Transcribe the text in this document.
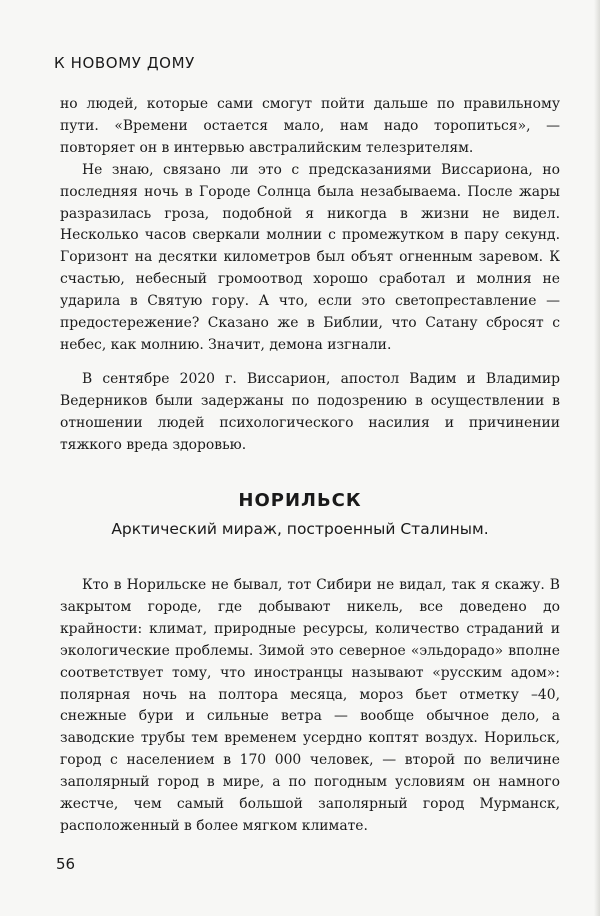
К НОВОМУ ДОМУ

но людей, которые сами смогут пойти дальше по правильному пути. «Времени остается мало, нам надо торопиться», — повторяет он в интервью австралийским телезрителям.

Не знаю, связано ли это с предсказаниями Виссариона, но последняя ночь в Городе Солнца была незабываема. После жары разразилась гроза, подобной я никогда в жизни не видел. Несколько часов сверкали молнии с промежутком в пару секунд. Горизонт на десятки километров был объят огненным заревом. К счастью, небесный громоотвод хорошо сработал и молния не ударила в Святую гору. А что, если это светопреставление — предостережение? Сказано же в Библии, что Сатану сбросят с небес, как молнию. Значит, демона изгнали.

В сентябре 2020 г. Виссарион, апостол Вадим и Владимир Ведерников были задержаны по подозрению в осуществлении в отношении людей психологического насилия и причинении тяжкого вреда здоровью.

НОРИЛЬСК
Арктический мираж, построенный Сталиным.

Кто в Норильске не бывал, тот Сибири не видал, так я скажу. В закрытом городе, где добывают никель, все доведено до крайности: климат, природные ресурсы, количество страданий и экологические проблемы. Зимой это северное «эльдорадо» вполне соответствует тому, что иностранцы называют «русским адом»: полярная ночь на полтора месяца, мороз бьет отметку –40, снежные бури и сильные ветра — вообще обычное дело, а заводские трубы тем временем усердно коптят воздух. Норильск, город с населением в 170 000 человек, — второй по величине заполярный город в мире, а по погодным условиям он намного жестче, чем самый большой заполярный город Мурманск, расположенный в более мягком климате.

56
